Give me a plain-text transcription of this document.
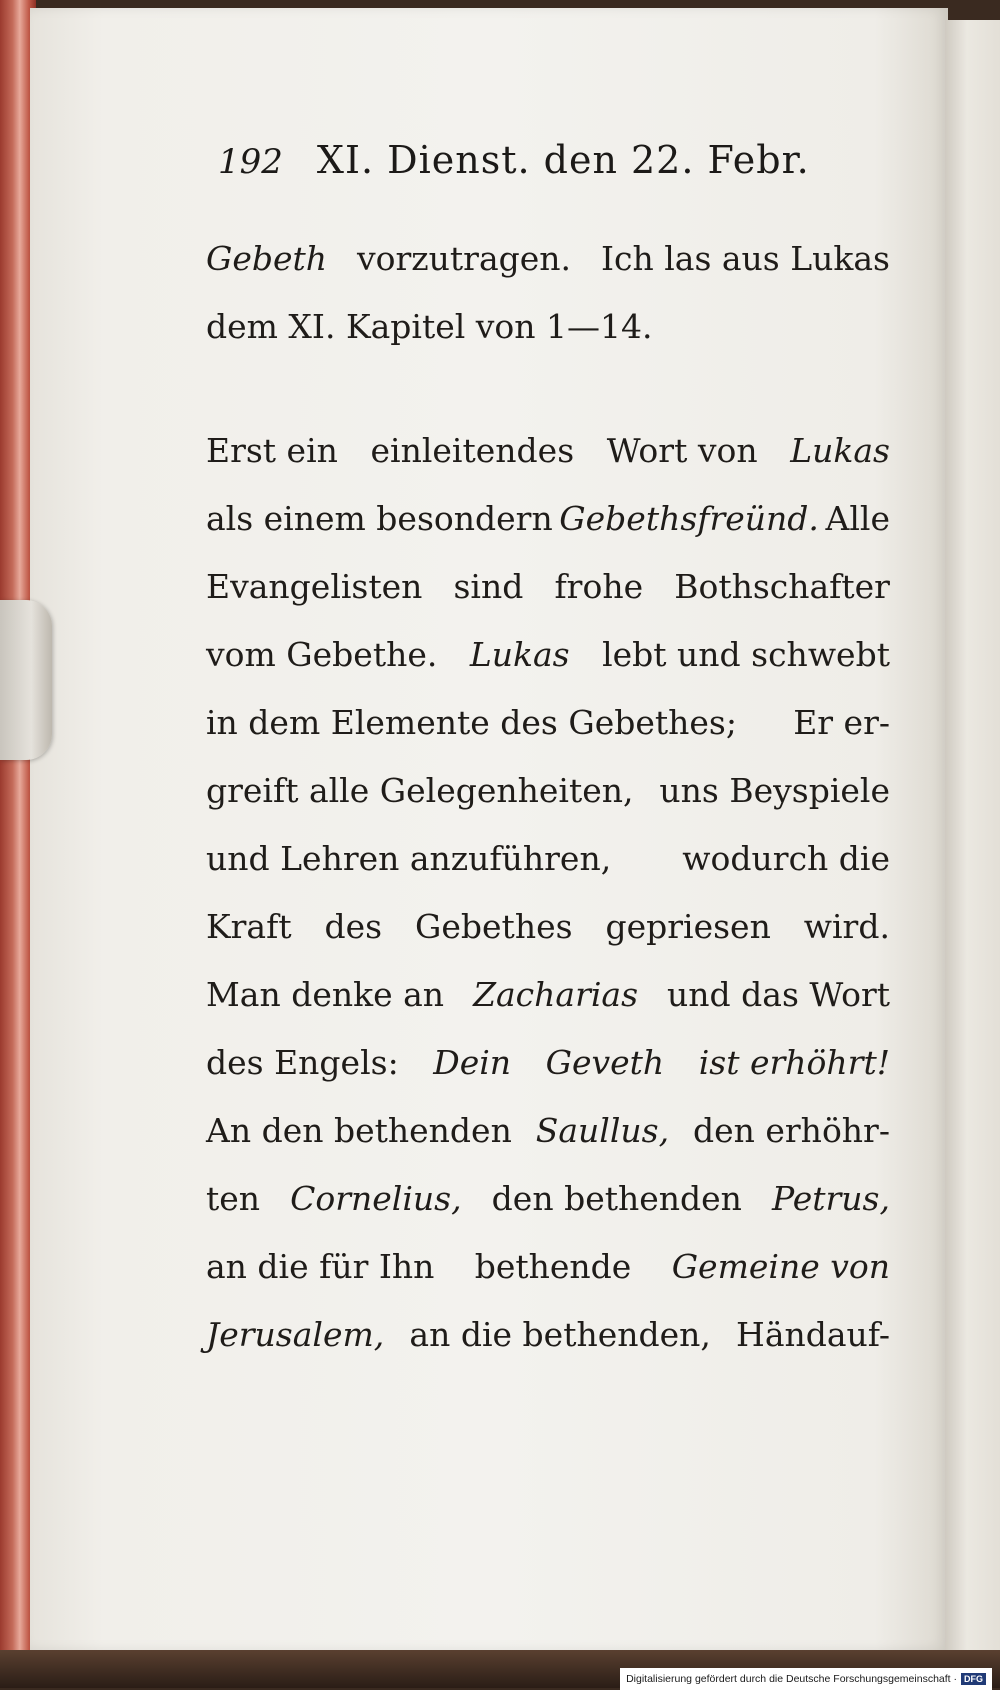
192 XI. Dienst. den 22. Febr.
Gebeth vorzutragen. Ich las aus Lukas
dem XI. Kapitel von 1—14.
Erst ein einleitendes Wort von Lukas
als einem besondern Gebethsfreünd. Alle
Evangelisten sind frohe Bothschafter
vom Gebethe. Lukas lebt und schwebt
in dem Elemente des Gebethes; Er er-
greift alle Gelegenheiten, uns Beyspiele
und Lehren anzuführen, wodurch die
Kraft des Gebethes gepriesen wird.
Man denke an Zacharias und das Wort
des Engels: Dein Geveth ist erhöhrt!
An den bethenden Saullus, den erhöhr-
ten Cornelius, den bethenden Petrus,
an die für Ihn bethende Gemeine von
Jerusalem, an die bethenden, Händauf-
Digitalisierung gefördert durch die Deutsche Forschungsgemeinschaft · DFG
